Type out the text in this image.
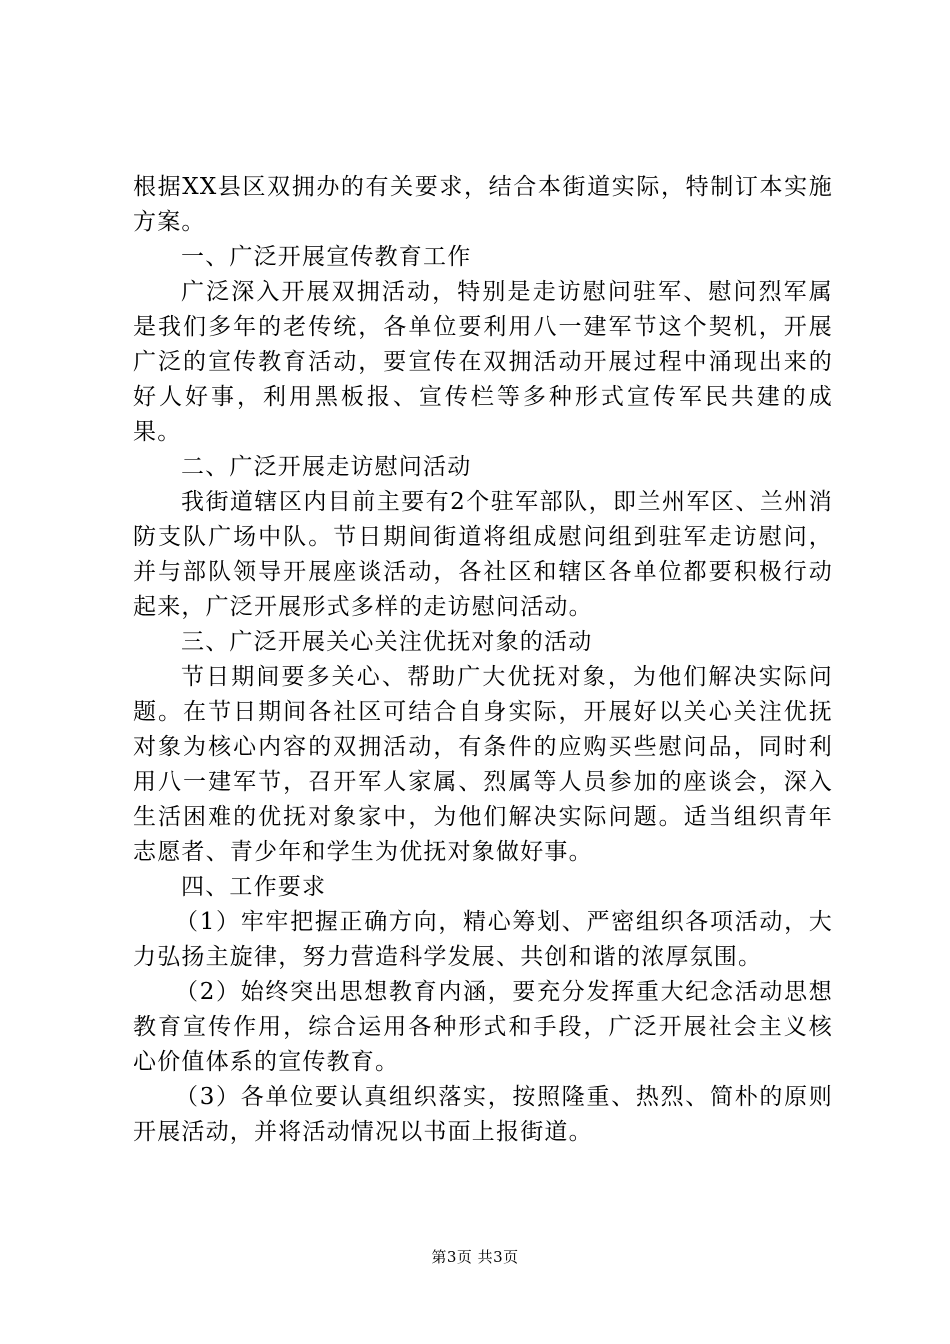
根据XX县区双拥办的有关要求，结合本街道实际，特制订本实施方案。

一、广泛开展宣传教育工作

广泛深入开展双拥活动，特别是走访慰问驻军、慰问烈军属是我们多年的老传统，各单位要利用八一建军节这个契机，开展广泛的宣传教育活动，要宣传在双拥活动开展过程中涌现出来的好人好事，利用黑板报、宣传栏等多种形式宣传军民共建的成果。

二、广泛开展走访慰问活动

我街道辖区内目前主要有2个驻军部队，即兰州军区、兰州消防支队广场中队。节日期间街道将组成慰问组到驻军走访慰问，并与部队领导开展座谈活动，各社区和辖区各单位都要积极行动起来，广泛开展形式多样的走访慰问活动。

三、广泛开展关心关注优抚对象的活动

节日期间要多关心、帮助广大优抚对象，为他们解决实际问题。在节日期间各社区可结合自身实际，开展好以关心关注优抚对象为核心内容的双拥活动，有条件的应购买些慰问品，同时利用八一建军节，召开军人家属、烈属等人员参加的座谈会，深入生活困难的优抚对象家中，为他们解决实际问题。适当组织青年志愿者、青少年和学生为优抚对象做好事。

四、工作要求

（1）牢牢把握正确方向，精心筹划、严密组织各项活动，大力弘扬主旋律，努力营造科学发展、共创和谐的浓厚氛围。

（2）始终突出思想教育内涵，要充分发挥重大纪念活动思想教育宣传作用，综合运用各种形式和手段，广泛开展社会主义核心价值体系的宣传教育。

（3）各单位要认真组织落实，按照隆重、热烈、简朴的原则开展活动，并将活动情况以书面上报街道。

第3页 共3页
